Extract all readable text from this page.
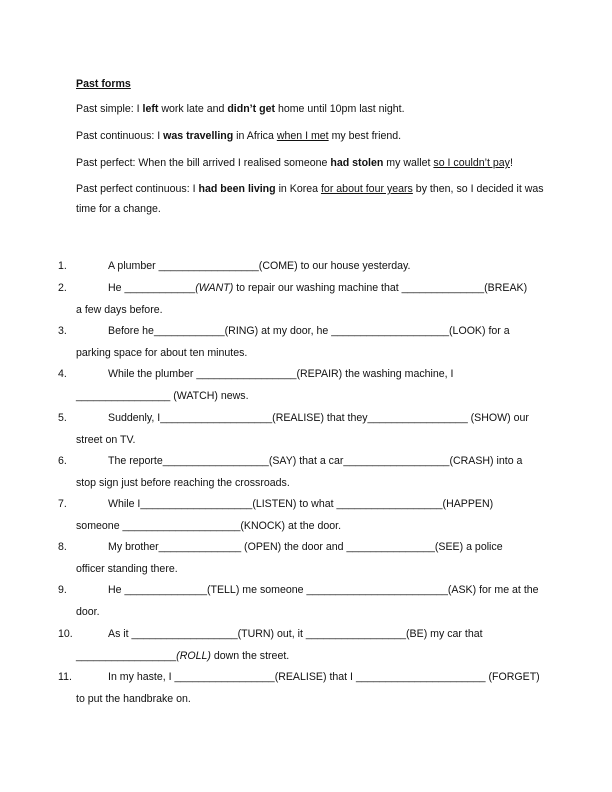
Past forms
Past simple: I left work late and didn’t get home until 10pm last night.
Past continuous: I was travelling in Africa when I met my best friend.
Past perfect: When the bill arrived I realised someone had stolen my wallet so I couldn’t pay!
Past perfect continuous: I had been living in Korea for about four years by then, so I decided it was time for a change.
1.	A plumber _________________(COME) to our house yesterday.
2.	He ____________(WANT) to repair our washing machine that ______________(BREAK)
a few days before.
3.	Before he____________(RING) at my door, he ____________________(LOOK) for a
parking space for about ten minutes.
4.	While the plumber _________________(REPAIR) the washing machine, I
________________ (WATCH) news.
5.	Suddenly, I___________________(REALISE) that they_________________ (SHOW) our
street on TV.
6.	The reporte__________________(SAY) that a car__________________(CRASH) into a
stop sign just before reaching the crossroads.
7.	While I___________________(LISTEN) to what __________________(HAPPEN)
someone ____________________(KNOCK) at the door.
8.	My brother______________ (OPEN) the door and _______________(SEE) a police
officer standing there.
9.	He ______________(TELL) me someone ________________________(ASK) for me at the
door.
10.	As it __________________(TURN) out, it _________________(BE) my car that
_________________(ROLL) down the street.
11.	In my haste, I _________________(REALISE) that I ______________________ (FORGET)
to put the handbrake on.
